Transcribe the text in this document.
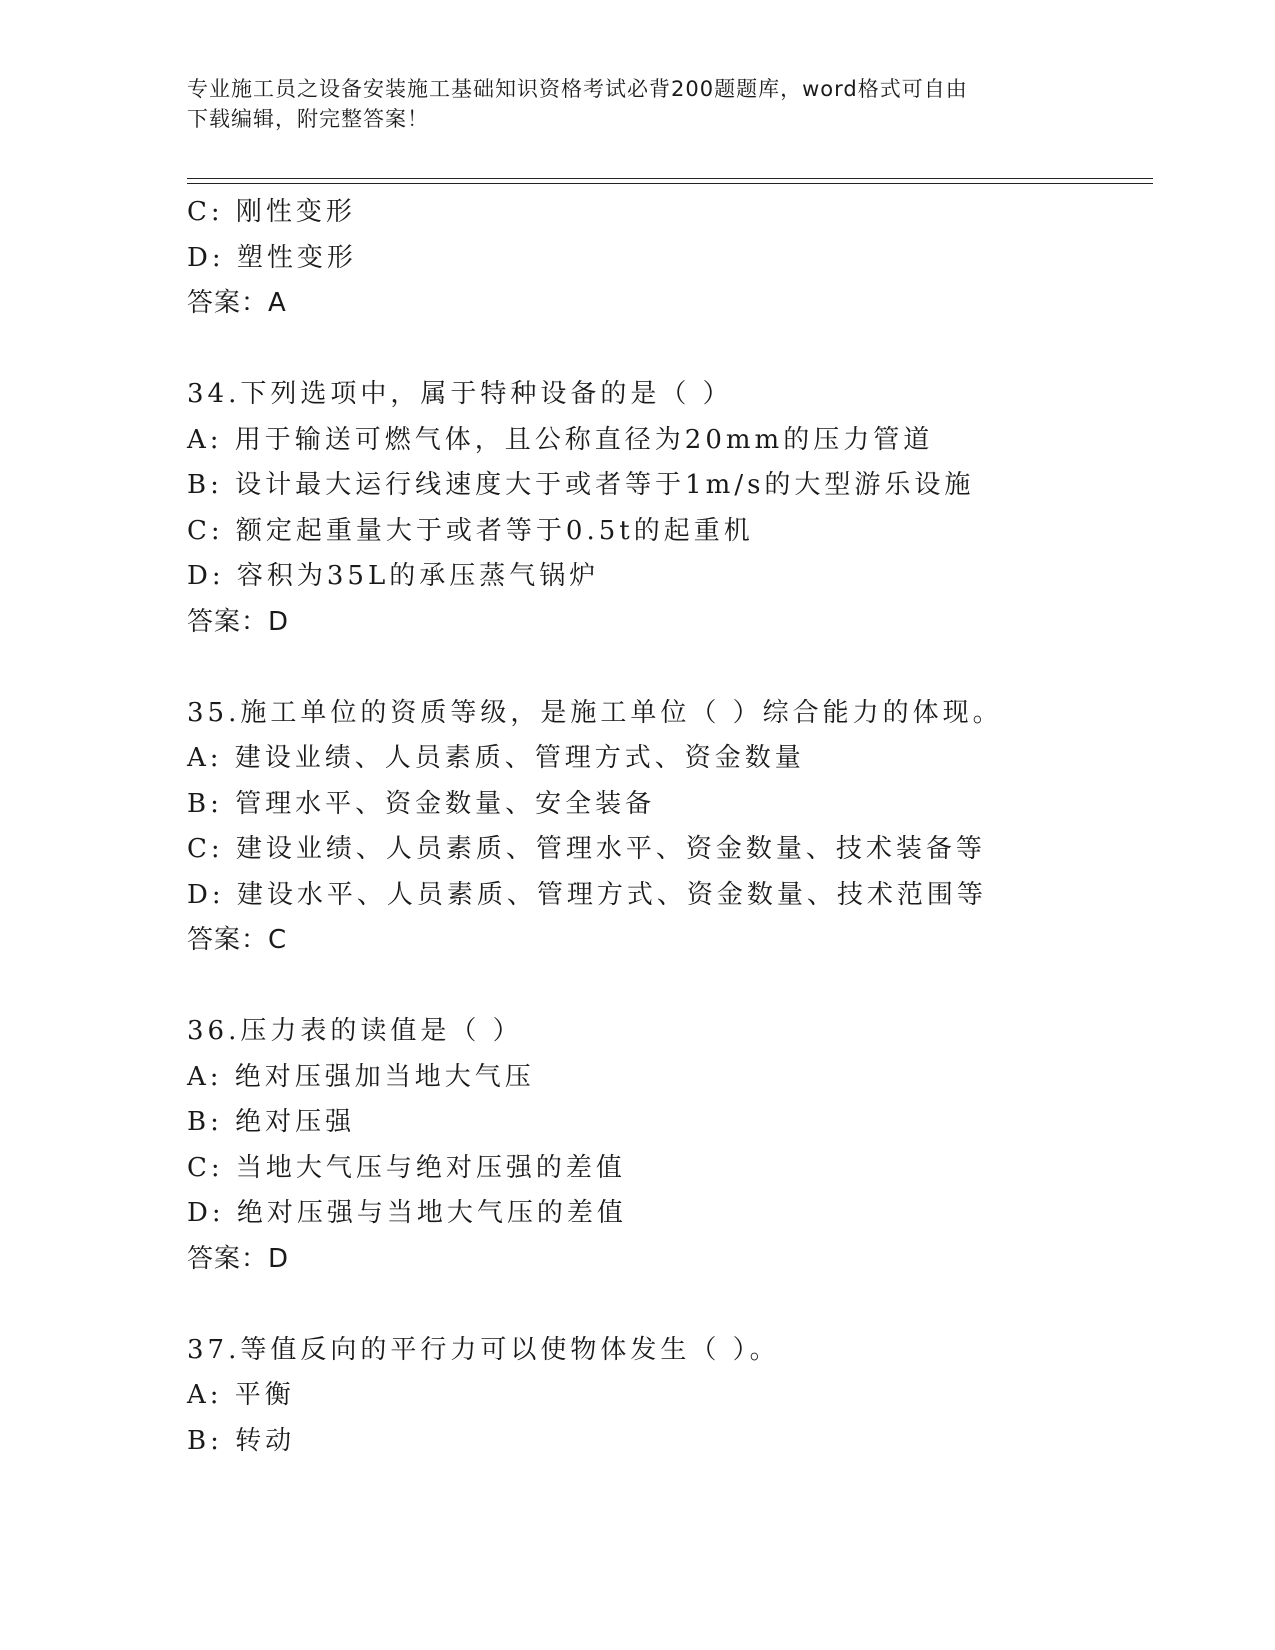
专业施工员之设备安装施工基础知识资格考试必背200题题库，word格式可自由
下载编辑，附完整答案！
C: 刚性变形
D: 塑性变形
答案：A
34.下列选项中，属于特种设备的是（ ）
A: 用于输送可燃气体，且公称直径为20mm的压力管道
B: 设计最大运行线速度大于或者等于1m/s的大型游乐设施
C: 额定起重量大于或者等于0.5t的起重机
D: 容积为35L的承压蒸气锅炉
答案：D
35.施工单位的资质等级，是施工单位（ ）综合能力的体现。
A: 建设业绩、人员素质、管理方式、资金数量
B: 管理水平、资金数量、安全装备
C: 建设业绩、人员素质、管理水平、资金数量、技术装备等
D: 建设水平、人员素质、管理方式、资金数量、技术范围等
答案：C
36.压力表的读值是（ ）
A: 绝对压强加当地大气压
B: 绝对压强
C: 当地大气压与绝对压强的差值
D: 绝对压强与当地大气压的差值
答案：D
37.等值反向的平行力可以使物体发生（ ）。
A: 平衡
B: 转动
